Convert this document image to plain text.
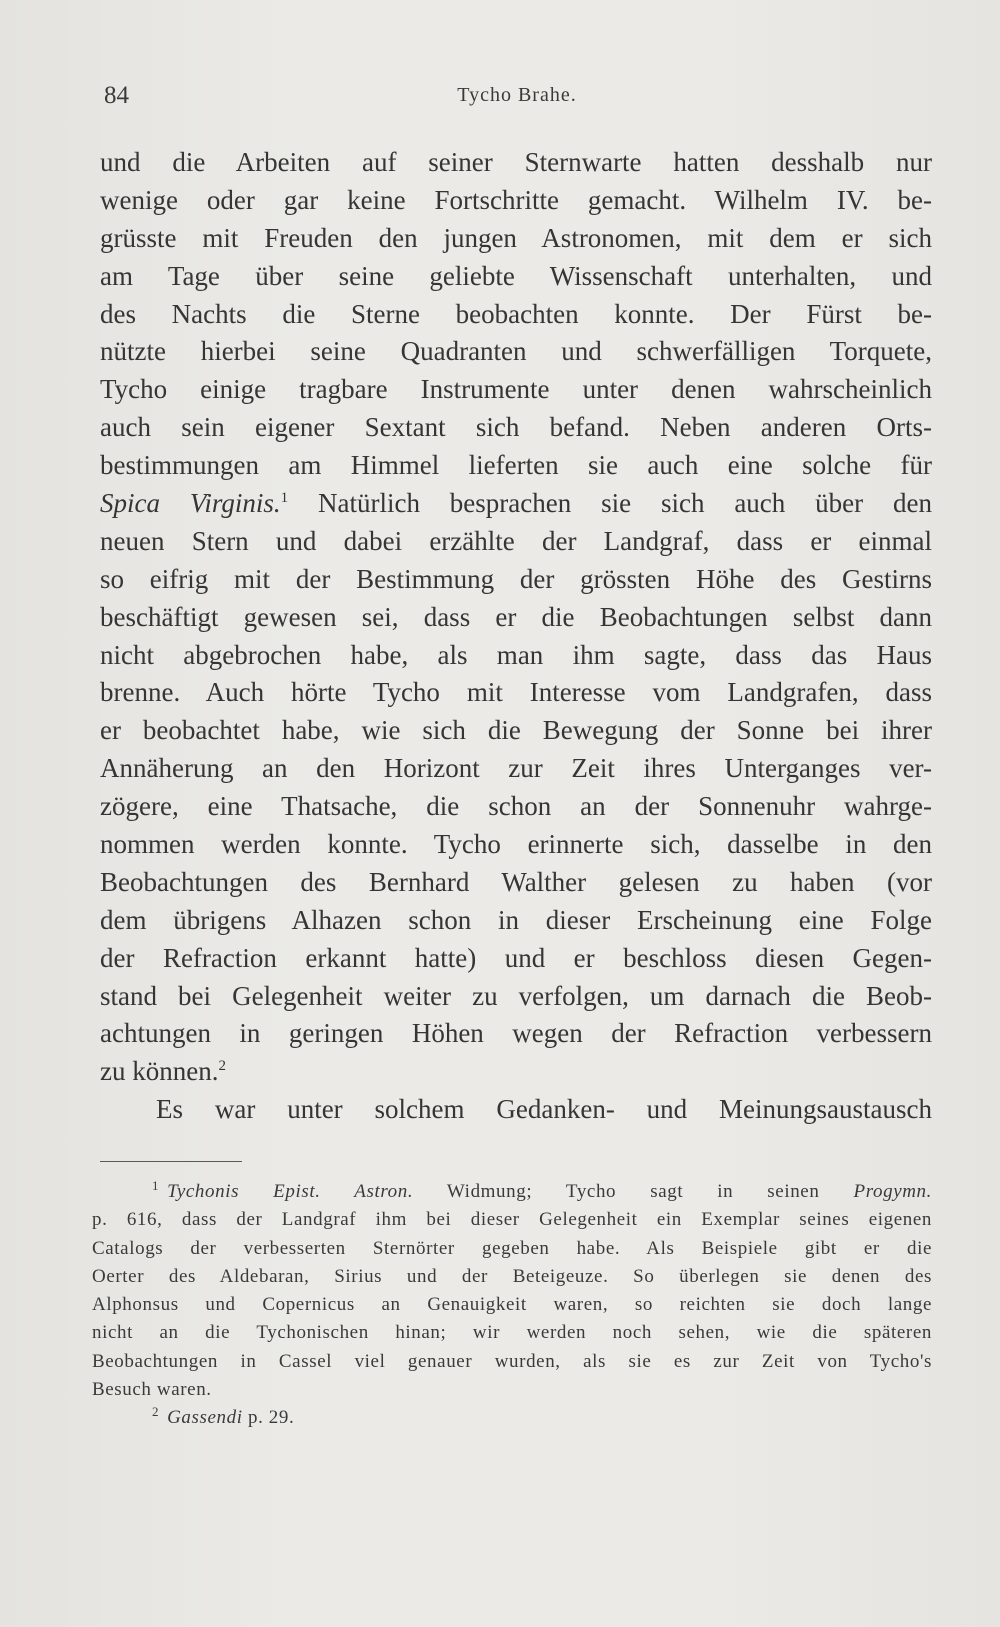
84	Tycho Brahe.
und die Arbeiten auf seiner Sternwarte hatten desshalb nur
wenige oder gar keine Fortschritte gemacht. Wilhelm IV. be-
grüsste mit Freuden den jungen Astronomen, mit dem er sich
am Tage über seine geliebte Wissenschaft unterhalten, und
des Nachts die Sterne beobachten konnte. Der Fürst be-
nützte hierbei seine Quadranten und schwerfälligen Torquete,
Tycho einige tragbare Instrumente unter denen wahrscheinlich
auch sein eigener Sextant sich befand. Neben anderen Orts-
bestimmungen am Himmel lieferten sie auch eine solche für
Spica Virginis.$^1$ Natürlich besprachen sie sich auch über den
neuen Stern und dabei erzählte der Landgraf, dass er einmal
so eifrig mit der Bestimmung der grössten Höhe des Gestirns
beschäftigt gewesen sei, dass er die Beobachtungen selbst dann
nicht abgebrochen habe, als man ihm sagte, dass das Haus
brenne. Auch hörte Tycho mit Interesse vom Landgrafen, dass
er beobachtet habe, wie sich die Bewegung der Sonne bei ihrer
Annäherung an den Horizont zur Zeit ihres Unterganges ver-
zögere, eine Thatsache, die schon an der Sonnenuhr wahrge-
nommen werden konnte. Tycho erinnerte sich, dasselbe in den
Beobachtungen des Bernhard Walther gelesen zu haben (vor
dem übrigens Alhazen schon in dieser Erscheinung eine Folge
der Refraction erkannt hatte) und er beschloss diesen Gegen-
stand bei Gelegenheit weiter zu verfolgen, um darnach die Beob-
achtungen in geringen Höhen wegen der Refraction verbessern
zu können.$^2$
Es war unter solchem Gedanken- und Meinungsaustausch
$^1$ Tychonis Epist. Astron. Widmung; Tycho sagt in seinen Progymn.
p. 616, dass der Landgraf ihm bei dieser Gelegenheit ein Exemplar seines eigenen
Catalogs der verbesserten Sternörter gegeben habe. Als Beispiele gibt er die
Oerter des Aldebaran, Sirius und der Beteigeuze. So überlegen sie denen des
Alphonsus und Copernicus an Genauigkeit waren, so reichten sie doch lange
nicht an die Tychonischen hinan; wir werden noch sehen, wie die späteren
Beobachtungen in Cassel viel genauer wurden, als sie es zur Zeit von Tycho's
Besuch waren.
$^2$ Gassendi p. 29.
